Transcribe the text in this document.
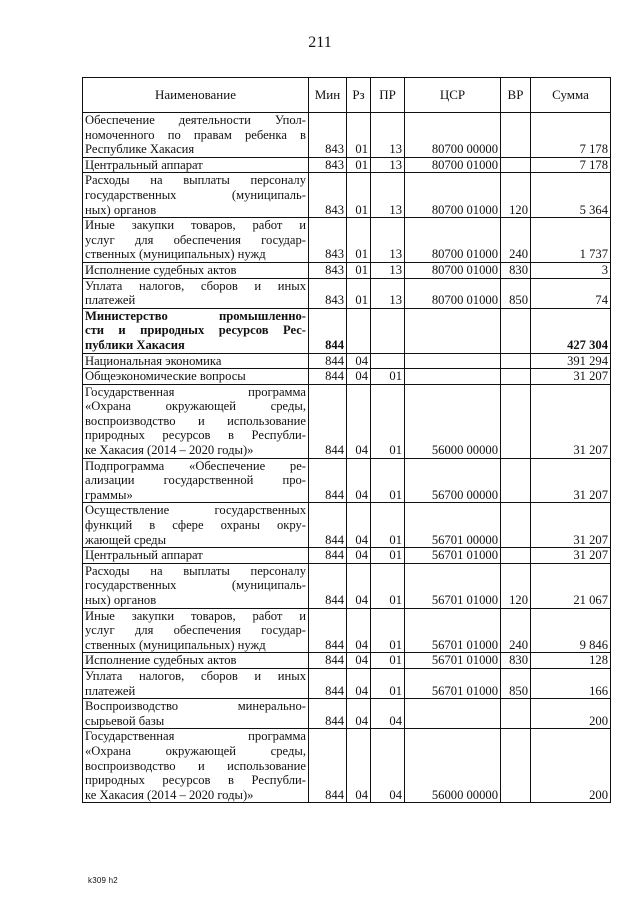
211
Наименование	Мин	Рз	ПР	ЦСР	ВР	Сумма

Обеспечение деятельности Упол-
номоченного по правам ребенка в
Республике Хакасия	843	01	13	80700 00000		7 178

Центральный аппарат	843	01	13	80700 01000		7 178

Расходы на выплаты персоналу
государственных (муниципаль-
ных) органов	843	01	13	80700 01000	120	5 364

Иные закупки товаров, работ и
услуг для обеспечения государ-
ственных (муниципальных) нужд	843	01	13	80700 01000	240	1 737

Исполнение судебных актов	843	01	13	80700 01000	830	3

Уплата налогов, сборов и иных
платежей	843	01	13	80700 01000	850	74

Министерство промышленно-
сти и природных ресурсов Рес-
публики Хакасия	844					427 304

Национальная экономика	844	04				391 294

Общеэкономические вопросы	844	04	01			31 207

Государственная программа
«Охрана окружающей среды,
воспроизводство и использование
природных ресурсов в Республи-
ке Хакасия (2014 – 2020 годы)»	844	04	01	56000 00000		31 207

Подпрограмма «Обеспечение ре-
ализации государственной про-
граммы»	844	04	01	56700 00000		31 207

Осуществление государственных
функций в сфере охраны окру-
жающей среды	844	04	01	56701 00000		31 207

Центральный аппарат	844	04	01	56701 01000		31 207

Расходы на выплаты персоналу
государственных (муниципаль-
ных) органов	844	04	01	56701 01000	120	21 067

Иные закупки товаров, работ и
услуг для обеспечения государ-
ственных (муниципальных) нужд	844	04	01	56701 01000	240	9 846

Исполнение судебных актов	844	04	01	56701 01000	830	128

Уплата налогов, сборов и иных
платежей	844	04	01	56701 01000	850	166

Воспроизводство минерально-
сырьевой базы	844	04	04			200

Государственная программа
«Охрана окружающей среды,
воспроизводство и использование
природных ресурсов в Республи-
ке Хакасия (2014 – 2020 годы)»	844	04	04	56000 00000		200
k309 h2
